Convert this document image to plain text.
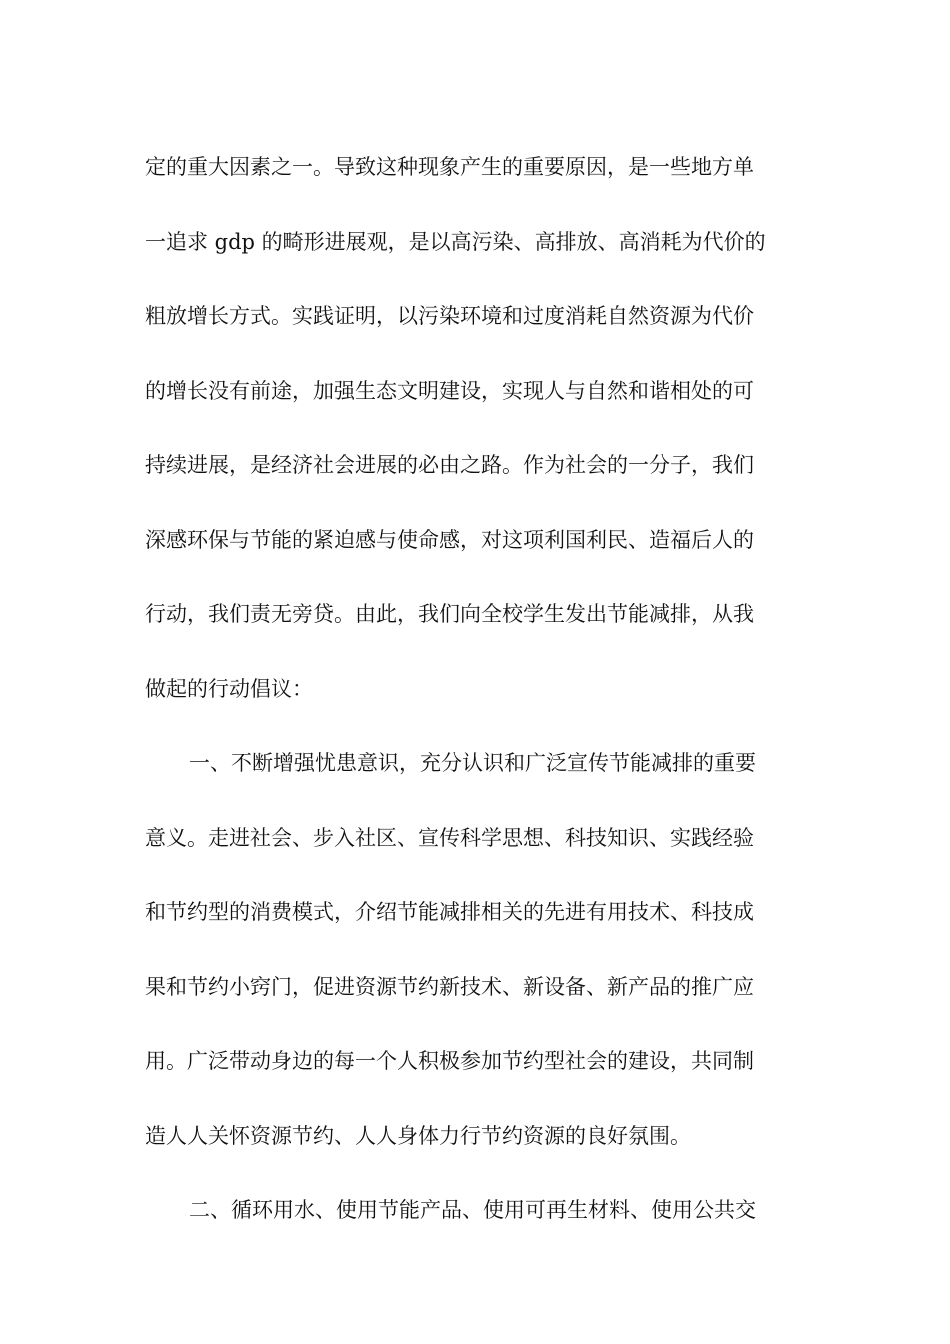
定的重大因素之一。导致这种现象产生的重要原因，是一些地方单
一追求 gdp 的畸形进展观，是以高污染、高排放、高消耗为代价的
粗放增长方式。实践证明，以污染环境和过度消耗自然资源为代价
的增长没有前途，加强生态文明建设，实现人与自然和谐相处的可
持续进展，是经济社会进展的必由之路。作为社会的一分子，我们
深感环保与节能的紧迫感与使命感，对这项利国利民、造福后人的
行动，我们责无旁贷。由此，我们向全校学生发出节能减排，从我
做起的行动倡议：
一、不断增强忧患意识，充分认识和广泛宣传节能减排的重要
意义。走进社会、步入社区、宣传科学思想、科技知识、实践经验
和节约型的消费模式，介绍节能减排相关的先进有用技术、科技成
果和节约小窍门，促进资源节约新技术、新设备、新产品的推广应
用。广泛带动身边的每一个人积极参加节约型社会的建设，共同制
造人人关怀资源节约、人人身体力行节约资源的良好氛围。
二、循环用水、使用节能产品、使用可再生材料、使用公共交
